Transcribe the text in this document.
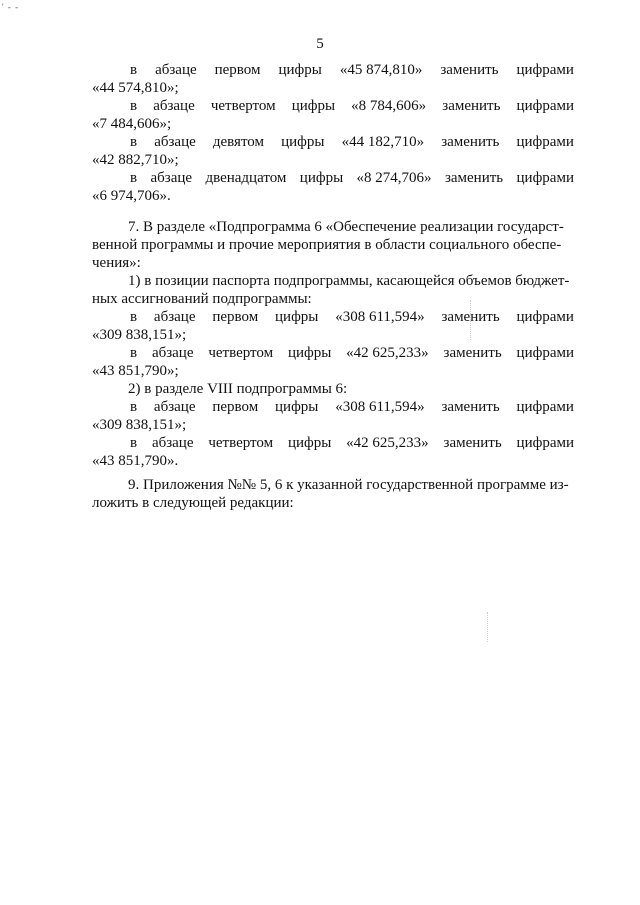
' - -
5
в абзаце первом цифры «45 874,810» заменить цифрами
«44 574,810»;
в абзаце четвертом цифры «8 784,606» заменить цифрами
«7 484,606»;
в абзаце девятом цифры «44 182,710» заменить цифрами
«42 882,710»;
в абзаце двенадцатом цифры «8 274,706» заменить цифрами
«6 974,706».
7. В разделе «Подпрограмма 6 «Обеспечение реализации государст-
венной программы и прочие мероприятия в области социального обеспе-
чения»:
1) в позиции паспорта подпрограммы, касающейся объемов бюджет-
ных ассигнований подпрограммы:
в абзаце первом цифры «308 611,594» заменить цифрами
«309 838,151»;
в абзаце четвертом цифры «42 625,233» заменить цифрами
«43 851,790»;
2) в разделе VIII подпрограммы 6:
в абзаце первом цифры «308 611,594» заменить цифрами
«309 838,151»;
в абзаце четвертом цифры «42 625,233» заменить цифрами
«43 851,790».
9. Приложения №№ 5, 6 к указанной государственной программе из-
ложить в следующей редакции:
